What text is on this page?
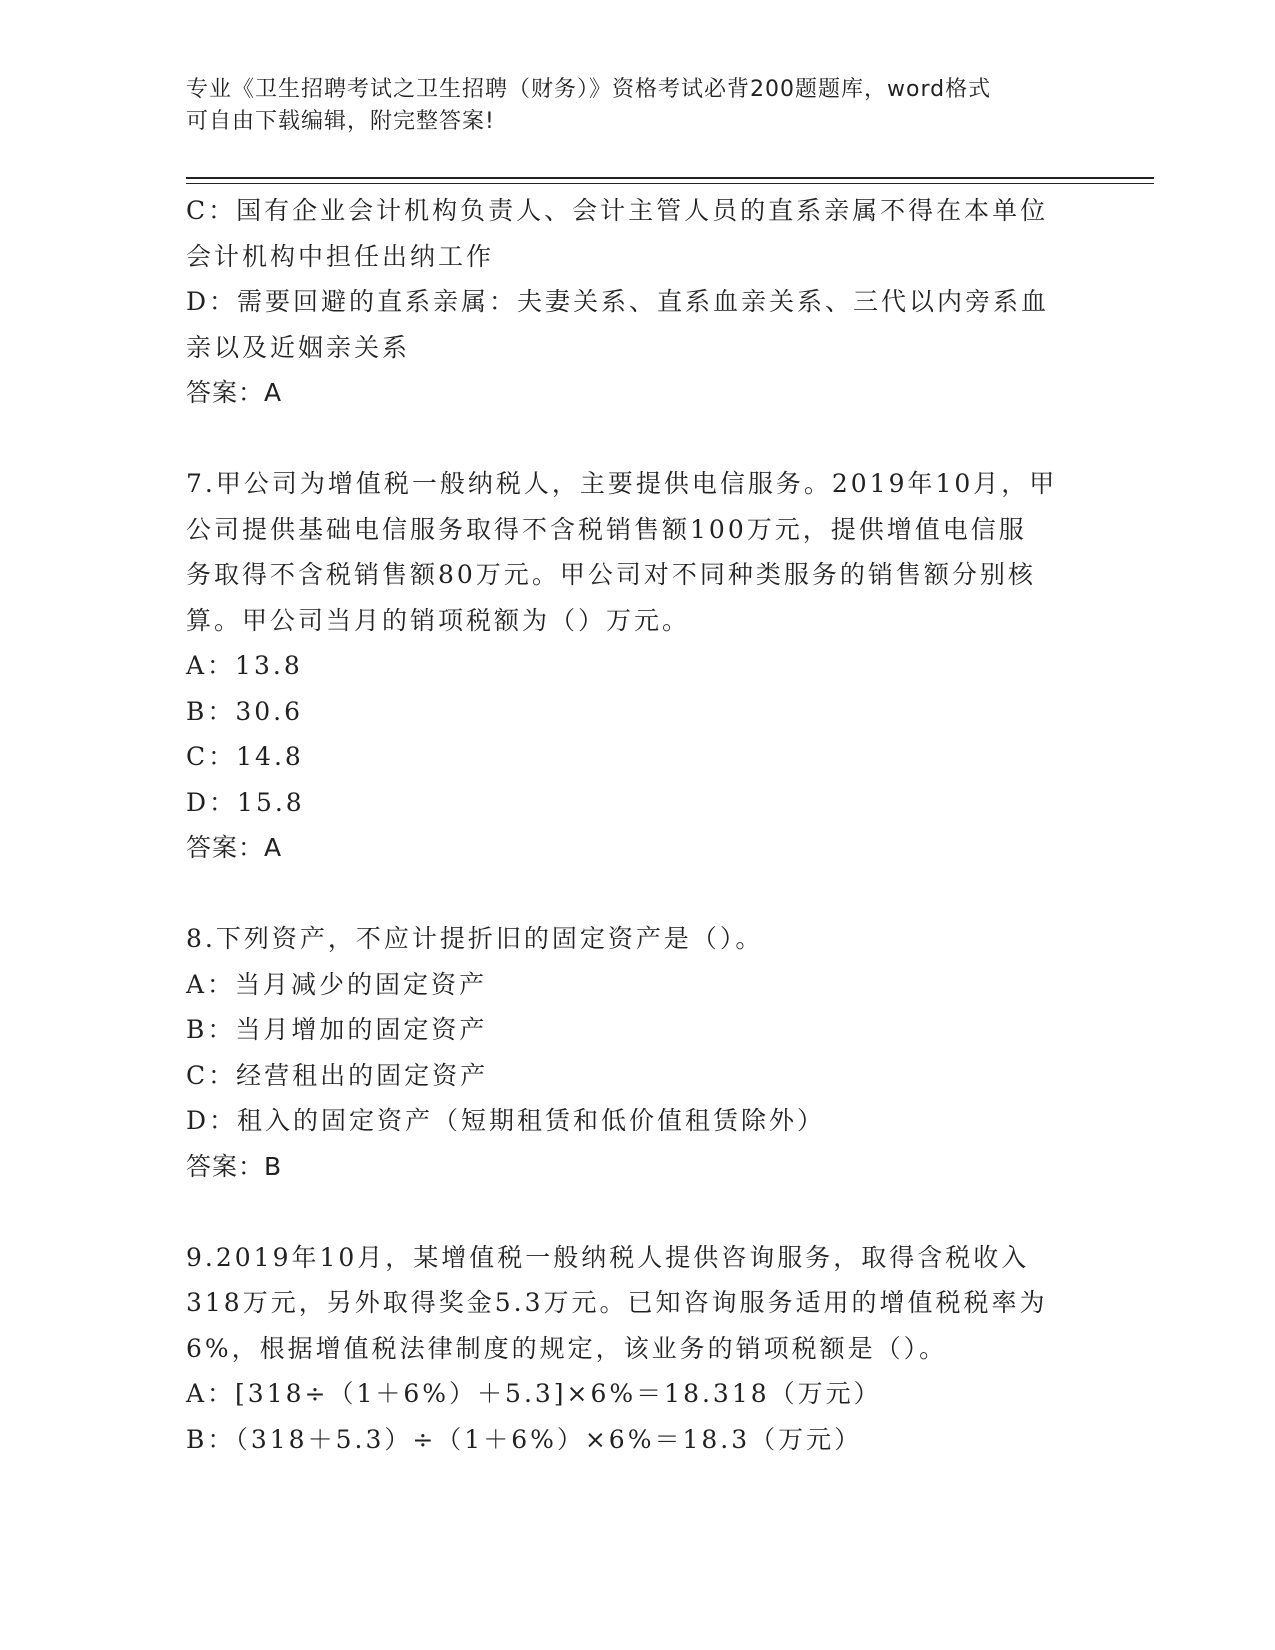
专业《卫生招聘考试之卫生招聘（财务）》资格考试必背200题题库，word格式
可自由下载编辑，附完整答案!
C：国有企业会计机构负责人、会计主管人员的直系亲属不得在本单位
会计机构中担任出纳工作
D：需要回避的直系亲属：夫妻关系、直系血亲关系、三代以内旁系血
亲以及近姻亲关系
答案：A
7.甲公司为增值税一般纳税人，主要提供电信服务。2019年10月，甲
公司提供基础电信服务取得不含税销售额100万元，提供增值电信服
务取得不含税销售额80万元。甲公司对不同种类服务的销售额分别核
算。甲公司当月的销项税额为（）万元。
A：13.8
B：30.6
C：14.8
D：15.8
答案：A
8.下列资产，不应计提折旧的固定资产是（）。
A：当月减少的固定资产
B：当月增加的固定资产
C：经营租出的固定资产
D：租入的固定资产（短期租赁和低价值租赁除外）
答案：B
9.2019年10月，某增值税一般纳税人提供咨询服务，取得含税收入
318万元，另外取得奖金5.3万元。已知咨询服务适用的增值税税率为
6%，根据增值税法律制度的规定，该业务的销项税额是（）。
A：[318÷（1＋6%）＋5.3]×6%＝18.318（万元）
B：（318＋5.3）÷（1＋6%）×6%＝18.3（万元）
